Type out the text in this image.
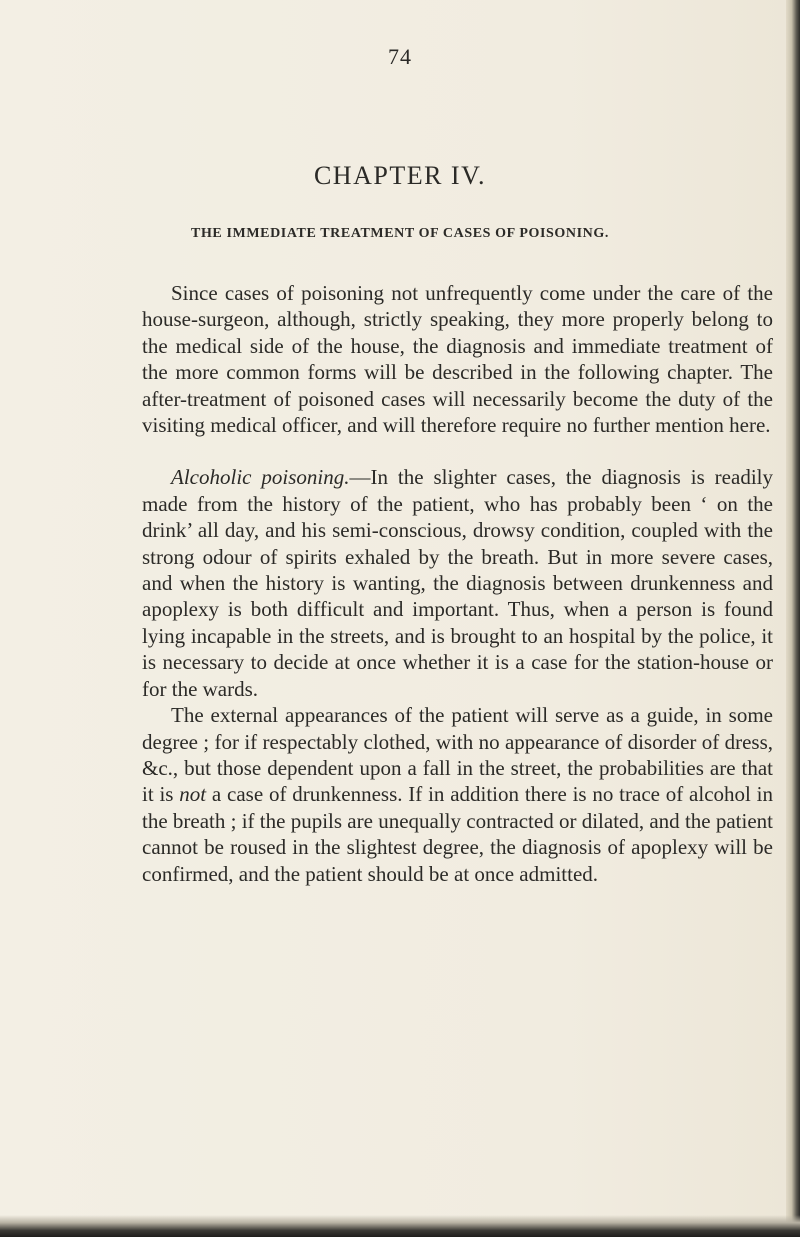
74
CHAPTER IV.
THE IMMEDIATE TREATMENT OF CASES OF POISONING.

Since cases of poisoning not unfrequently come under the care of the house-surgeon, although, strictly speaking, they more properly belong to the medical side of the house, the diagnosis and immediate treatment of the more common forms will be described in the following chapter. The after-treatment of poisoned cases will necessarily become the duty of the visiting medical officer, and will therefore require no further mention here.

Alcoholic poisoning.—In the slighter cases, the diagnosis is readily made from the history of the patient, who has probably been ‘ on the drink’ all day, and his semi-conscious, drowsy condition, coupled with the strong odour of spirits exhaled by the breath. But in more severe cases, and when the history is wanting, the diagnosis between drunkenness and apoplexy is both difficult and important. Thus, when a person is found lying incapable in the streets, and is brought to an hospital by the police, it is necessary to decide at once whether it is a case for the station-house or for the wards.

The external appearances of the patient will serve as a guide, in some degree ; for if respectably clothed, with no appearance of disorder of dress, &c., but those dependent upon a fall in the street, the probabilities are that it is not a case of drunkenness. If in addition there is no trace of alcohol in the breath ; if the pupils are unequally contracted or dilated, and the patient cannot be roused in the slightest degree, the diagnosis of apoplexy will be confirmed, and the patient should be at once admitted.
